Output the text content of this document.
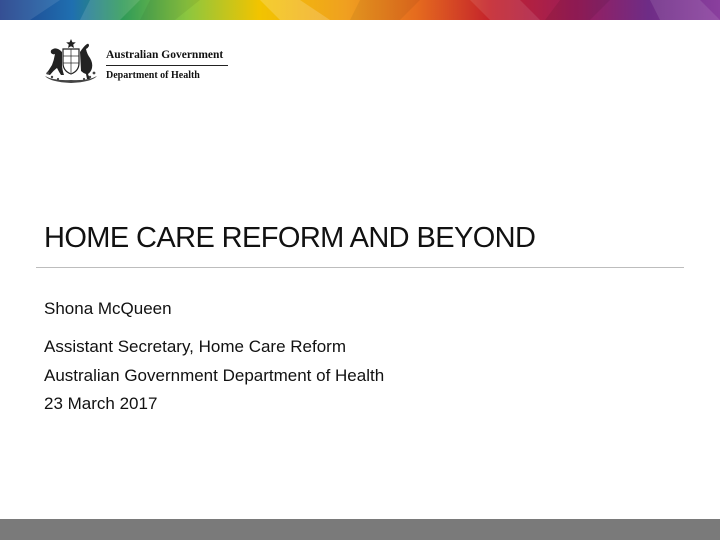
Australian Government
Department of Health
HOME CARE REFORM AND BEYOND
Shona McQueen
Assistant Secretary, Home Care Reform
Australian Government Department of Health
23 March 2017
